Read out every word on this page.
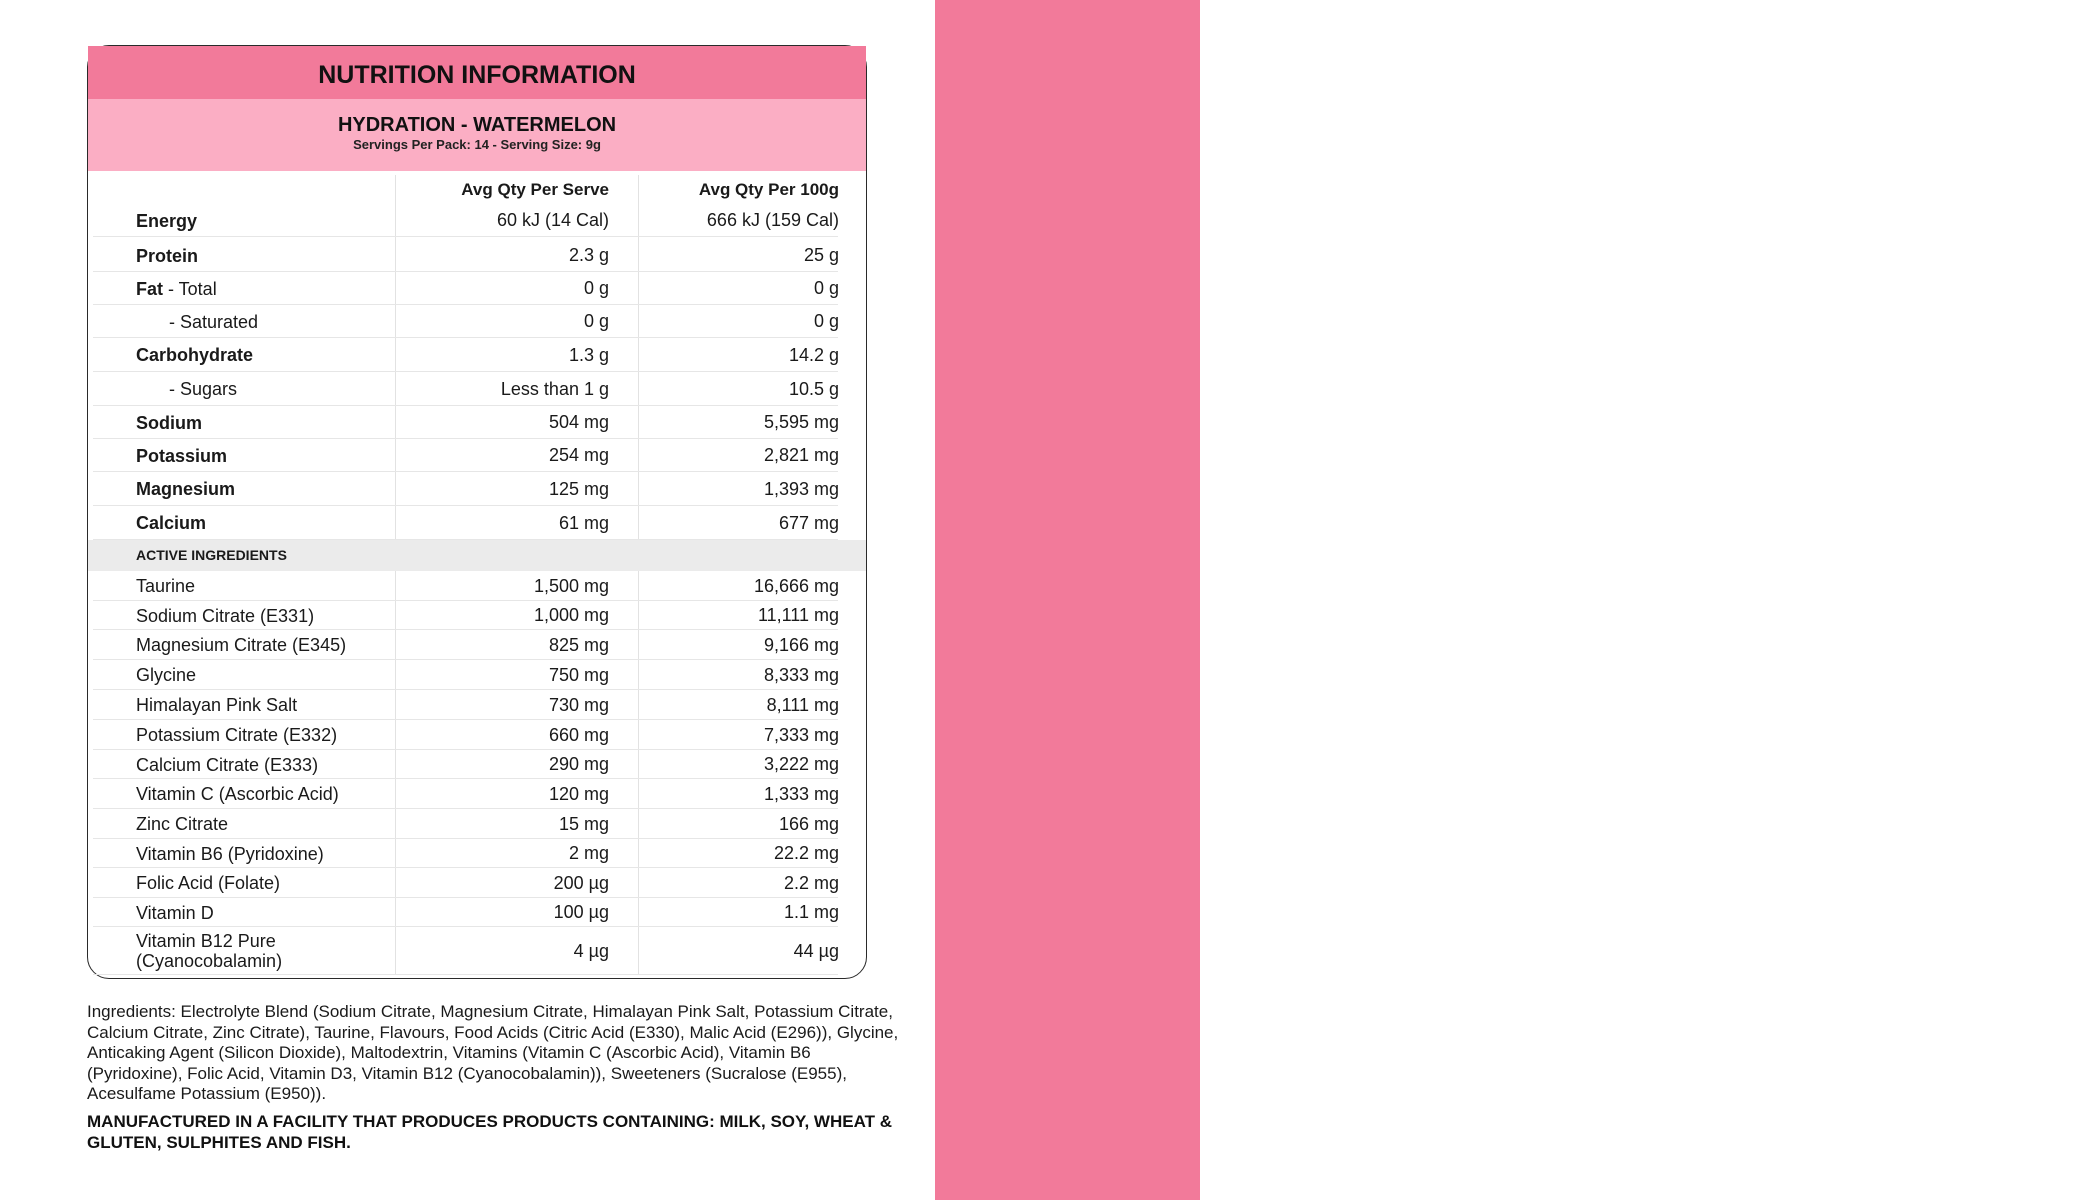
WATERMELON
NUTRITION INFORMATION
HYDRATION - WATERMELON
Servings Per Pack: 14 - Serving Size: 9g
Avg Qty Per Serve	Avg Qty Per 100g
Energy	60 kJ (14 Cal)	666 kJ (159 Cal)
Protein	2.3 g	25 g
Fat - Total	0 g	0 g
- Saturated	0 g	0 g
Carbohydrate	1.3 g	14.2 g
- Sugars	Less than 1 g	10.5 g
Sodium	504 mg	5,595 mg
Potassium	254 mg	2,821 mg
Magnesium	125 mg	1,393 mg
Calcium	61 mg	677 mg
ACTIVE INGREDIENTS
Taurine	1,500 mg	16,666 mg
Sodium Citrate (E331)	1,000 mg	11,111 mg
Magnesium Citrate (E345)	825 mg	9,166 mg
Glycine	750 mg	8,333 mg
Himalayan Pink Salt	730 mg	8,111 mg
Potassium Citrate (E332)	660 mg	7,333 mg
Calcium Citrate (E333)	290 mg	3,222 mg
Vitamin C (Ascorbic Acid)	120 mg	1,333 mg
Zinc Citrate	15 mg	166 mg
Vitamin B6 (Pyridoxine)	2 mg	22.2 mg
Folic Acid (Folate)	200 µg	2.2 mg
Vitamin D	100 µg	1.1 mg
Vitamin B12 Pure
(Cyanocobalamin)
4 µg	44 µg
Ingredients: Electrolyte Blend (Sodium Citrate, Magnesium Citrate, Himalayan Pink Salt, Potassium Citrate, Calcium Citrate, Zinc Citrate), Taurine, Flavours, Food Acids (Citric Acid (E330), Malic Acid (E296)), Glycine, Anticaking Agent (Silicon Dioxide), Maltodextrin, Vitamins (Vitamin C (Ascorbic Acid), Vitamin B6 (Pyridoxine), Folic Acid, Vitamin D3, Vitamin B12 (Cyanocobalamin)), Sweeteners (Sucralose (E955), Acesulfame Potassium (E950)).
MANUFACTURED IN A FACILITY THAT PRODUCES PRODUCTS CONTAINING: MILK, SOY, WHEAT & GLUTEN, SULPHITES AND FISH.
